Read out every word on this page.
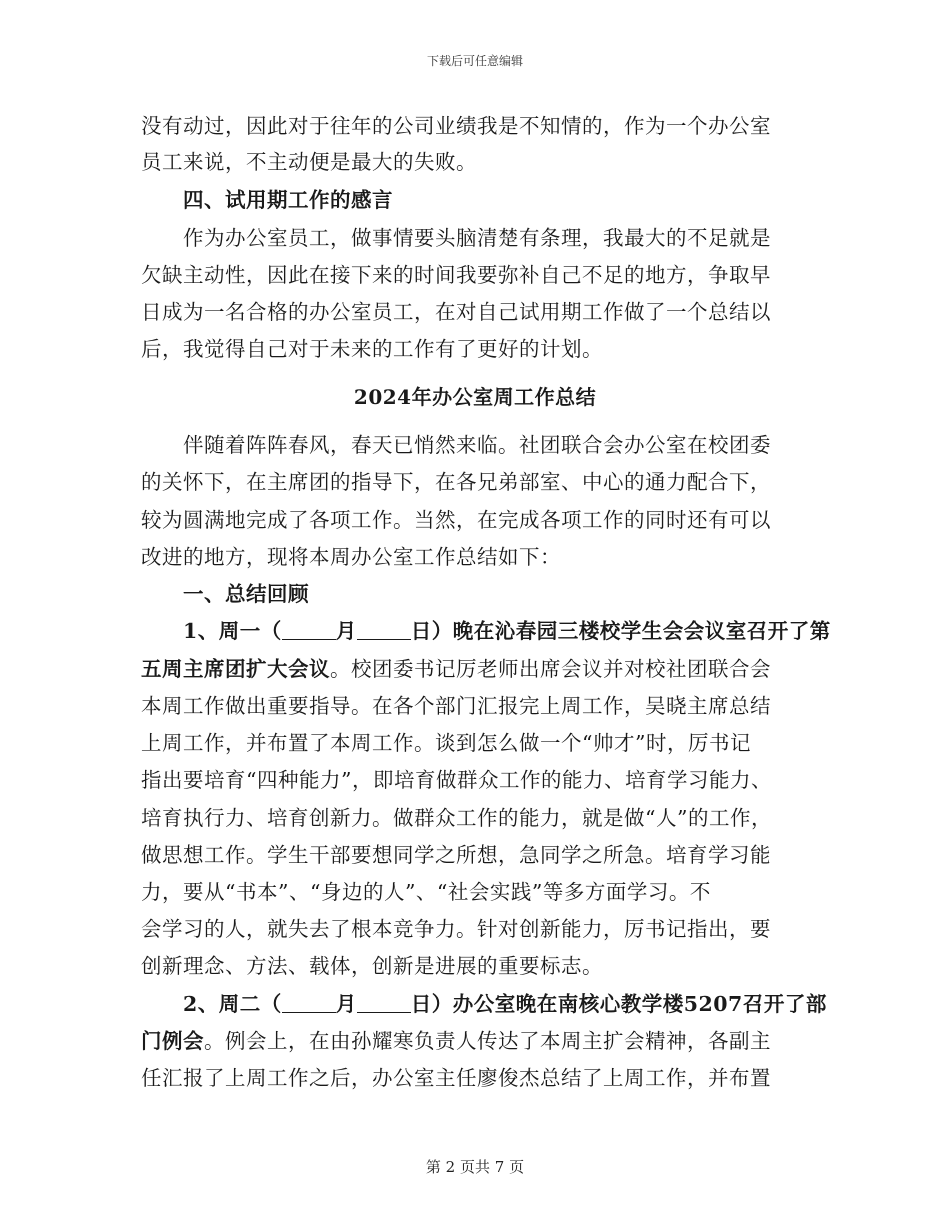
下载后可任意编辑
没有动过，因此对于往年的公司业绩我是不知情的，作为一个办公室
员工来说，不主动便是最大的失败。
四、试用期工作的感言
作为办公室员工，做事情要头脑清楚有条理，我最大的不足就是
欠缺主动性，因此在接下来的时间我要弥补自己不足的地方，争取早
日成为一名合格的办公室员工，在对自己试用期工作做了一个总结以
后，我觉得自己对于未来的工作有了更好的计划。
2024年办公室周工作总结
伴随着阵阵春风，春天已悄然来临。社团联合会办公室在校团委
的关怀下，在主席团的指导下，在各兄弟部室、中心的通力配合下，
较为圆满地完成了各项工作。当然，在完成各项工作的同时还有可以
改进的地方，现将本周办公室工作总结如下：
一、总结回顾
1、周一（	月	日）晚在沁春园三楼校学生会会议室召开了第
五周主席团扩大会议。校团委书记厉老师出席会议并对校社团联合会
本周工作做出重要指导。在各个部门汇报完上周工作，吴晓主席总结
上周工作，并布置了本周工作。谈到怎么做一个“帅才”时，厉书记
指出要培育“四种能力”，即培育做群众工作的能力、培育学习能力、
培育执行力、培育创新力。做群众工作的能力，就是做“人”的工作，
做思想工作。学生干部要想同学之所想，急同学之所急。培育学习能
力，要从“书本”、“身边的人”、“社会实践”等多方面学习。不
会学习的人，就失去了根本竞争力。针对创新能力，厉书记指出，要
创新理念、方法、载体，创新是进展的重要标志。
2、周二（	月	日）办公室晚在南核心教学楼5207召开了部
门例会。例会上，在由孙耀寒负责人传达了本周主扩会精神，各副主
任汇报了上周工作之后，办公室主任廖俊杰总结了上周工作，并布置
第 2 页共 7 页
